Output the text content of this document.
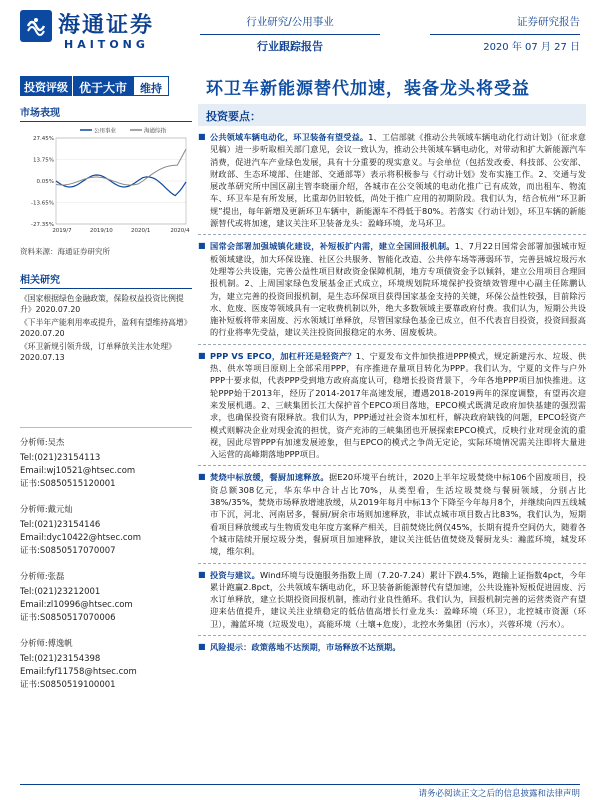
海通证券
HAITONG
行业研究/公用事业
行业跟踪报告
证券研究报告
2020 年 07 月 27 日
投资评级 优于大市	维持	环卫车新能源替代加速，装备龙头将受益
市场表现
27.45%
13.75%
0.05%
-13.65%
-27.35%
2019/7	2019/10	2020/1	2020/4
公用事业	海通综指
资料来源：海通证券研究所
相关研究
《国家根据绿色金融政策，保险权益投资比例提升》2020.07.20
《下半年产能利用率或提升，盈利有望维持高增》2020.07.20
《环卫新规引领升级，订单释放关注水处理》2020.07.13
分析师:吴杰
Tel:(021)23154113
Email:wj10521@htsec.com
证书:S0850515120001
分析师:戴元灿
Tel:(021)23154146
Email:dyc10422@htsec.com
证书:S0850517070007
分析师:张磊
Tel:(021)23212001
Email:zl10996@htsec.com
证书:S0850517070006
分析师:傅逸帆
Tel:(021)23154398
Email:fyf11758@htsec.com
证书:S0850519100001
投资要点：
■ 公共领域车辆电动化，环卫装备有望受益。1、工信部就《推动公共领域车辆电动化行动计划》（征求意见稿）进一步听取相关部门意见，会议一致认为，推动公共领域车辆电动化，对带动和扩大新能源汽车消费，促进汽车产业绿色发展，具有十分重要的现实意义。与会单位（包括发改委、科技部、公安部、财政部、生态环境部、住建部、交通部等）表示将积极参与《行动计划》发布实施工作。2、交通与发展改革研究所中国区副主管李晓丽介绍，各城市在公交领域的电动化推广已有成效，而出租车、物流车、环卫车是有所发展，比重却仍旧较低，尚处于推广应用的初期阶段。我们认为，结合杭州“环卫新规”提出，每年新增及更新环卫车辆中，新能源车不得低于80%。若落实《行动计划》，环卫车辆的新能源替代或将加速，建议关注环卫装备龙头：盈峰环境，龙马环卫。
■ 国常会部署加强城镇化建设，补短板扩内需，建立全国回报机制。1、7月22日国常会部署加强城市短板领域建设，加大环保设施、社区公共服务、智能化改造、公共停车场等薄弱环节，完善县城垃圾污水处理等公共设施，完善公益性项目财政资金保障机制，地方专项债资金予以倾斜，建立公用项目合理回报机制。2、上周国家绿色发展基金正式成立，环境规划院环境保护投资绩效管理中心副主任陈鹏认为，建立完善的投资回报机制，是生态环保项目获得国家基金支持的关键，环保公益性较强，目前除污水、危废、医废等领域具有一定收费机制以外，绝大多数领域主要靠政府付费。我们认为，短期公共设施补短板将带来固废、污水领域订单释放，尽管国家绿色基金已成立，但不代表盲目投资，投资回报高的行业将率先受益，建议关注投资回报稳定的水务、固废板块。
■ PPP VS EPCO，加杠杆还是轻资产？1、宁夏发布文件加快推进PPP模式，规定新建污水、垃圾、供热、供水等项目原则上全部采用PPP，有序推进存量项目转化为PPP。我们认为，宁夏的文件与户外PPP十要求似，代表PPP受到地方政府高度认可，稳增长投资背景下，今年各地PPP项目加快推进。这轮PPP始于2013年，经历了2014-2017年高速发展，遭遇2018-2019两年的深度调整，有望再次迎来发展机遇。2、三峡集团长江大保护首个EPCO项目落地，EPCO模式既满足政府加快基建的强烈需求，也确保投资有限释放。我们认为，PPP通过社会资本加杠杆，解决政府缺钱的问题，EPCO轻资产模式则解决企业对现金流的担忧，资产充沛的三峡集团也开展探索EPCO模式，反映行业对现金流的重视，因此尽管PPP有加速发展迹象，但与EPCO的模式之争尚无定论，实际环境情况需关注即将大量进入运营的高峰期落地PPP项目。
■ 焚烧中标放缓，餐厨加速释放。据E20环境平台统计，2020上半年垃圾焚烧中标106个固废项目，投资总额308亿元，华东华中合计占比70%，从类型看，生活垃圾焚烧与餐厨领域，分别占比38%/35%，焚烧市场释放增速放缓，从2019年每月中标13个下降至今年每月8个，并继续向四五线城市下沉，河北、河南居多，餐厨/厨余市场则加速释放，非试点城市项目数占比83%，我们认为，短期看项目释放缓或与生物质发电年度方案释产相关，目前焚烧比例仅45%，长期有提升空间仍大，随着各个城市陆续开展垃圾分类，餐厨项目加速释放，建议关注低估值焚烧及餐厨龙头：瀚蓝环境，城发环境，维尔利。
■ 投资与建议。Wind环境与设施服务指数上周（7.20-7.24）累计下跌4.5%，跑输上证指数4pct，今年累计跑赢2.8pct，公共领域车辆电动化，环卫装备新能源替代有望加速，公共设施补短板促进固废、污水订单释放，建立长期投资回报机制，推动行业良性循环。我们认为，回报机制完善的运营类资产有望迎来估值提升，建议关注业绩稳定的低估值高增长行业龙头：盈峰环境（环卫），北控城市资源（环卫），瀚蓝环境（垃圾发电），高能环境（土壤+危废），北控水务集团（污水），兴蓉环境（污水）。
■ 风险提示：政策落地不达预期，市场释放不达预期。
请务必阅读正文之后的信息披露和法律声明
